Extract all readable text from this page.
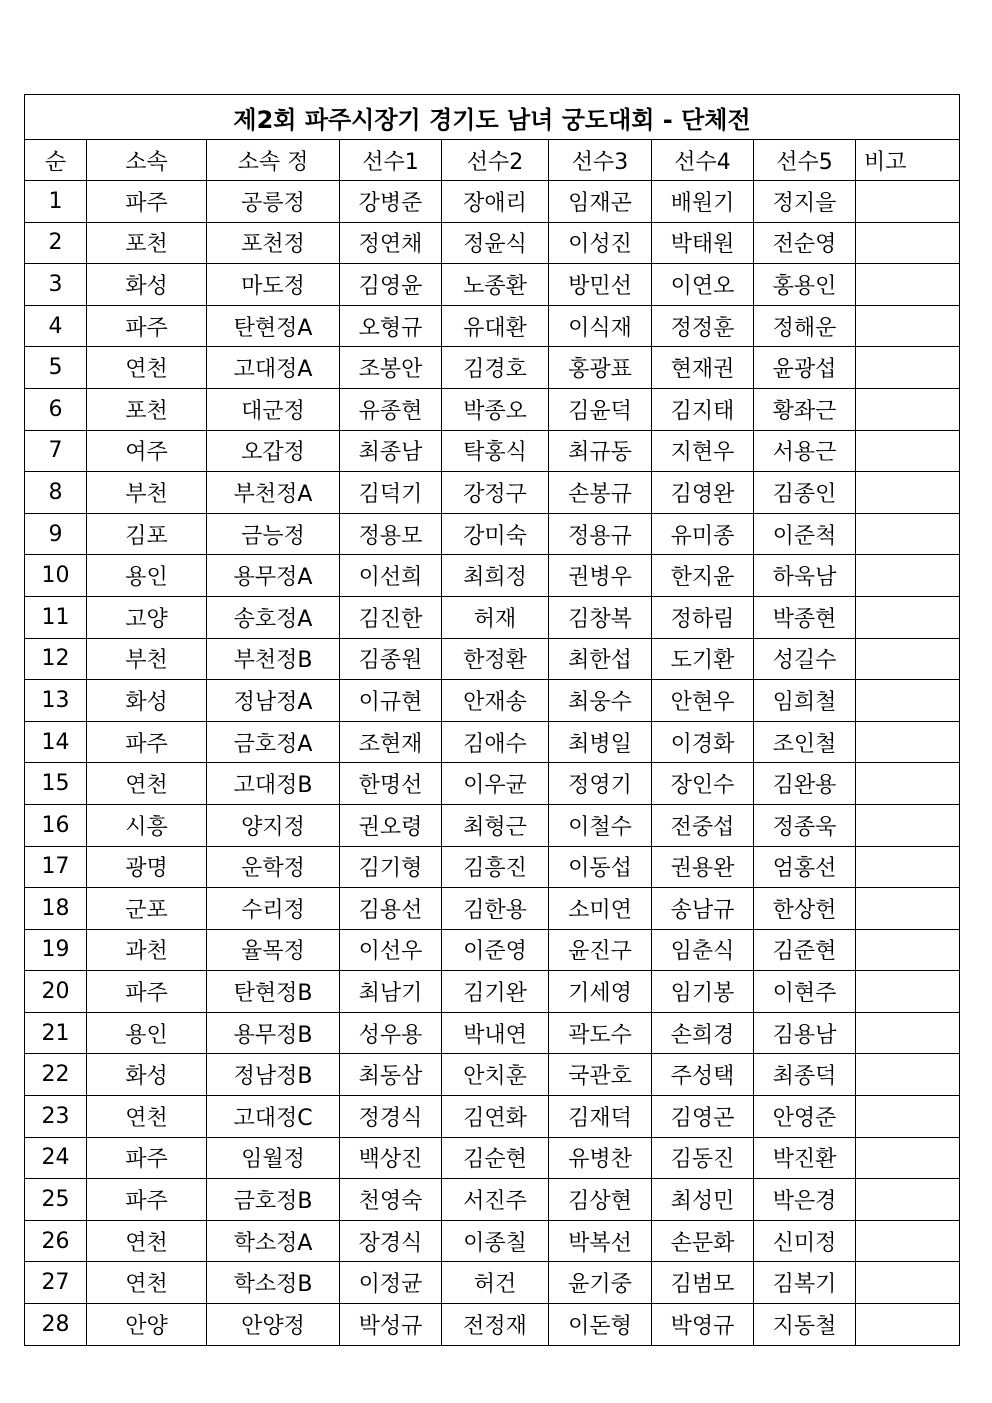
제2회 파주시장기 경기도 남녀 궁도대회 - 단체전								
순	소속	소속 정	선수1	선수2	선수3	선수4	선수5	비고
1	파주	공릉정	강병준	장애리	임재곤	배원기	정지을	
2	포천	포천정	정연채	정윤식	이성진	박태원	전순영	
3	화성	마도정	김영윤	노종환	방민선	이연오	홍용인	
4	파주	탄현정A	오형규	유대환	이식재	정정훈	정해운	
5	연천	고대정A	조봉안	김경호	홍광표	현재권	윤광섭	
6	포천	대군정	유종현	박종오	김윤덕	김지태	황좌근	
7	여주	오갑정	최종남	탁홍식	최규동	지현우	서용근	
8	부천	부천정A	김덕기	강정구	손봉규	김영완	김종인	
9	김포	금능정	정용모	강미숙	정용규	유미종	이준척	
10	용인	용무정A	이선희	최희정	권병우	한지윤	하욱남	
11	고양	송호정A	김진한	허재	김창복	정하림	박종현	
12	부천	부천정B	김종원	한정환	최한섭	도기환	성길수	
13	화성	정남정A	이규현	안재송	최웅수	안현우	임희철	
14	파주	금호정A	조현재	김애수	최병일	이경화	조인철	
15	연천	고대정B	한명선	이우균	정영기	장인수	김완용	
16	시흥	양지정	권오령	최형근	이철수	전중섭	정종욱	
17	광명	운학정	김기형	김흥진	이동섭	권용완	엄홍선	
18	군포	수리정	김용선	김한용	소미연	송남규	한상헌	
19	과천	율목정	이선우	이준영	윤진구	임춘식	김준현	
20	파주	탄현정B	최남기	김기완	기세영	임기봉	이현주	
21	용인	용무정B	성우용	박내연	곽도수	손희경	김용남	
22	화성	정남정B	최동삼	안치훈	국관호	주성택	최종덕	
23	연천	고대정C	정경식	김연화	김재덕	김영곤	안영준	
24	파주	임월정	백상진	김순현	유병찬	김동진	박진환	
25	파주	금호정B	천영숙	서진주	김상현	최성민	박은경	
26	연천	학소정A	장경식	이종칠	박복선	손문화	신미정	
27	연천	학소정B	이정균	허건	윤기중	김범모	김복기	
28	안양	안양정	박성규	전정재	이돈형	박영규	지동철	
